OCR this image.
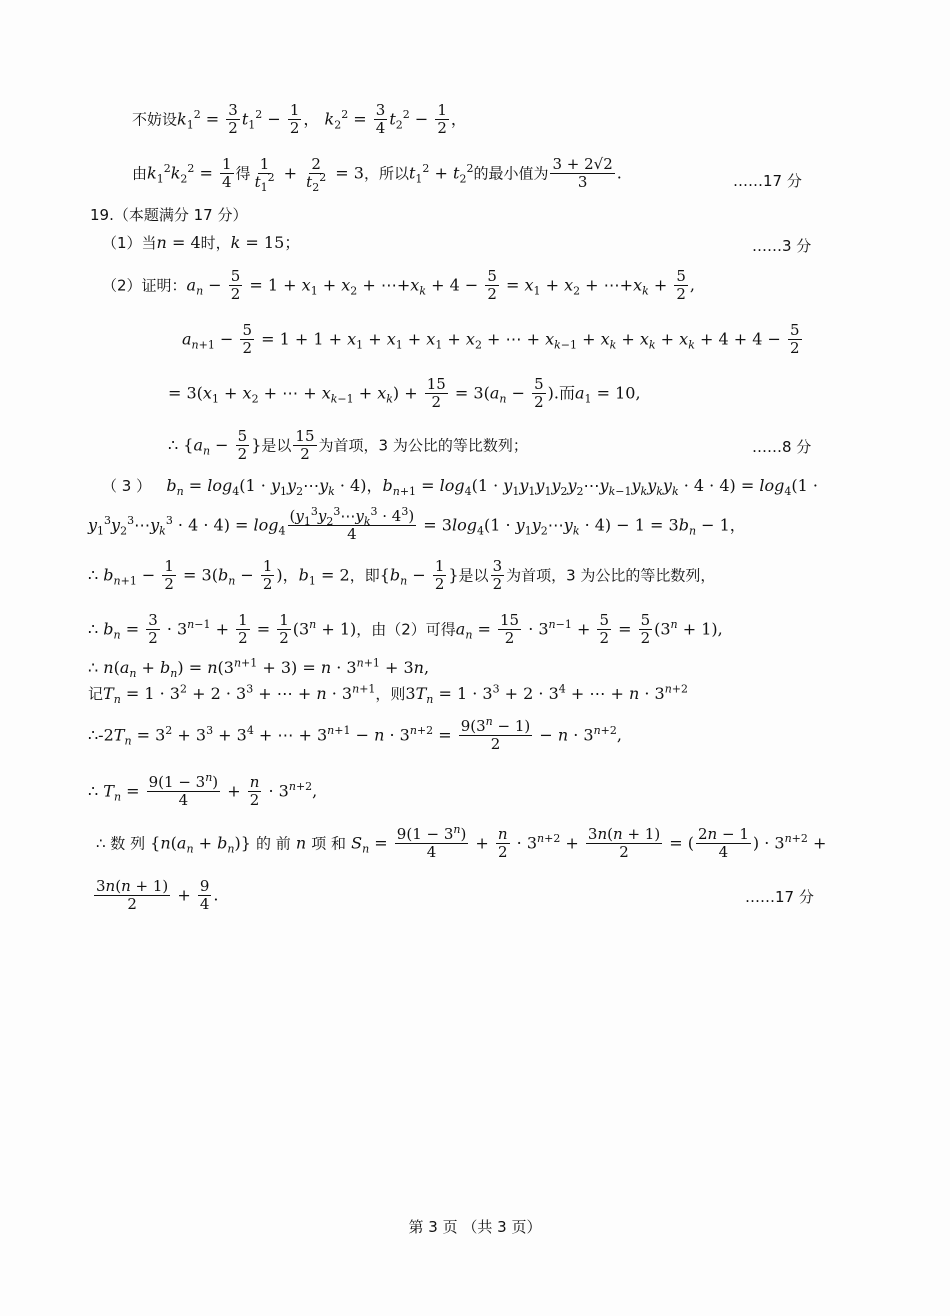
不妨设$k_1^2 = \frac{3}{2} t_1^2 - \frac{1}{2}$ ， $k_2^2 = \frac{3}{4} t_2^2 - \frac{1}{2}$ ，
由$k_1^2k_2^2 = \frac{1}{4}$ 得 $\frac{1}{t_1^2} + \frac{2}{t_2^2} = 3$，所以$t_1^2 + t_2^2$的最小值为 $\frac{3 + 2√2}{3}$ .	……17 分
19.（本题满分 17 分）
（1）当n = 4时，k = 15；	……3 分
（2）证明：$a_n - \frac{5}{2} = 1 + x_1 + x_2$ + $\cdots+x_k + 4 - \frac{5}{2} = x_1 + x_2$ + $\cdots+x_k + \frac{5}{2}$ ,
$a_{n+1} - \frac{5}{2} = 1 + 1 + x_1 + x_1 + x_1 + x_2$ + ⋯ + $x_{k-1} + x_k + x_k + x_k + 4 + 4 - \frac{5}{2}$
= $3(x_1 + x_2$ + ⋯ + $x_{k-1} + x_k) + \frac{15}{2} = 3(a_n - \frac{5}{2}$ ).而$a_1 = 10$,
∴ {$a_n - \frac{5}{2}$ }是以 $\frac{15}{2}$ 为首项，3 为公比的等比数列；	……8 分
（ 3 ） $b_n = \log_4(1$ · $y_1y_2\cdots y_k \cdot 4$)，$b_{n+1} = \log_4(1$ · $y_1y_1y_1y_2y_2\cdots y_{k-1}y_ky_ky_k \cdot 4 \cdot 4) = \log_4(1$ ·
$y_1^3y_2^3\cdots y_k^3 \cdot 4 \cdot 4) = \log_4 \frac{(y_1^3y_2^3\cdots y_k^3 \cdot 4^3)}{4} = 3\log_4(1$ · $y_1y_2\cdots y_k \cdot 4) - 1 = 3b_n - 1$，
∴ $b_{n+1} - \frac{1}{2} = 3(b_n - \frac{1}{2}$ )，$b_1 = 2$，即{$b_n - \frac{1}{2}$ }是以 $\frac{3}{2}$ 为首项，3 为公比的等比数列，
∴ $b_n = \frac{3}{2} \cdot 3^{n-1} + \frac{1}{2} = \frac{1}{2} (3^n + 1)$，由（2）可得$a_n = \frac{15}{2} \cdot 3^{n-1} + \frac{5}{2} = \frac{5}{2} (3^n + 1)$,
∴ $n(a_n + b_n) = n(3^{n+1} + 3) = n \cdot 3^{n+1} + 3n$,
记$T_n = 1 \cdot 3^2 + 2 \cdot 3^3$ + ⋯ + $n \cdot 3^{n+1}$，则$3T_n = 1 \cdot 3^3 + 2 \cdot 3^4$ + ⋯ + $n \cdot 3^{n+2}$
$\therefore-2T_n = 3^2 + 3^3 + 3^4$ + ⋯ + $3^{n+1} - n \cdot 3^{n+2} = \frac{9(3^n - 1)}{2} - n \cdot 3^{n+2}$,
∴ $T_n = \frac{9(1 - 3^n)}{4} + \frac{n}{2} \cdot 3^{n+2}$,
∴ 数 列 $\{n(a_n + b_n)\}$ 的 前 n 项 和 $S_n = \frac{9(1 - 3^n)}{4} + \frac{n}{2} \cdot 3^{n+2} + \frac{3n(n + 1)}{2}$ = ( $\frac{2n - 1}{4}$ ) · $3^{n+2}$ +
$\frac{3n(n + 1)}{2} + \frac{9}{4}$ .	……17 分
第 3 页 （共 3 页）
